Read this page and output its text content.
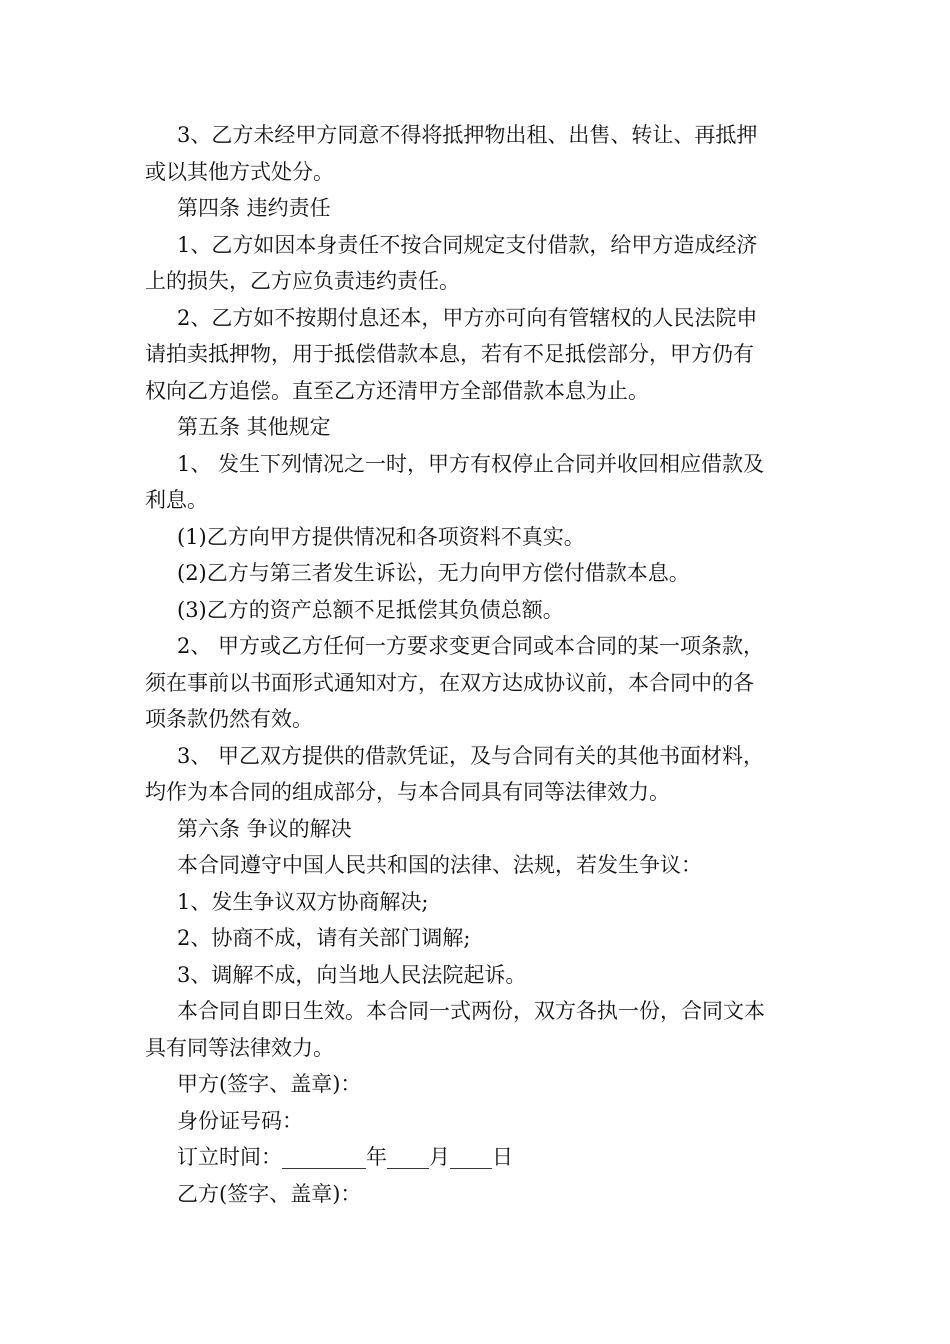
3、乙方未经甲方同意不得将抵押物出租、出售、转让、再抵押

或以其他方式处分。

第四条 违约责任

1、乙方如因本身责任不按合同规定支付借款，给甲方造成经济

上的损失，乙方应负责违约责任。

2、乙方如不按期付息还本，甲方亦可向有管辖权的人民法院申

请拍卖抵押物，用于抵偿借款本息，若有不足抵偿部分，甲方仍有

权向乙方追偿。直至乙方还清甲方全部借款本息为止。

第五条 其他规定

1、 发生下列情况之一时，甲方有权停止合同并收回相应借款及

利息。

(1)乙方向甲方提供情况和各项资料不真实。

(2)乙方与第三者发生诉讼，无力向甲方偿付借款本息。

(3)乙方的资产总额不足抵偿其负债总额。

2、 甲方或乙方任何一方要求变更合同或本合同的某一项条款，

须在事前以书面形式通知对方，在双方达成协议前，本合同中的各

项条款仍然有效。

3、 甲乙双方提供的借款凭证，及与合同有关的其他书面材料，

均作为本合同的组成部分，与本合同具有同等法律效力。

第六条 争议的解决

本合同遵守中国人民共和国的法律、法规，若发生争议：

1、发生争议双方协商解决;

2、协商不成，请有关部门调解;

3、调解不成，向当地人民法院起诉。

本合同自即日生效。本合同一式两份，双方各执一份，合同文本

具有同等法律效力。

甲方(签字、盖章)：

身份证号码：

订立时间：________年____月____日

乙方(签字、盖章)：
